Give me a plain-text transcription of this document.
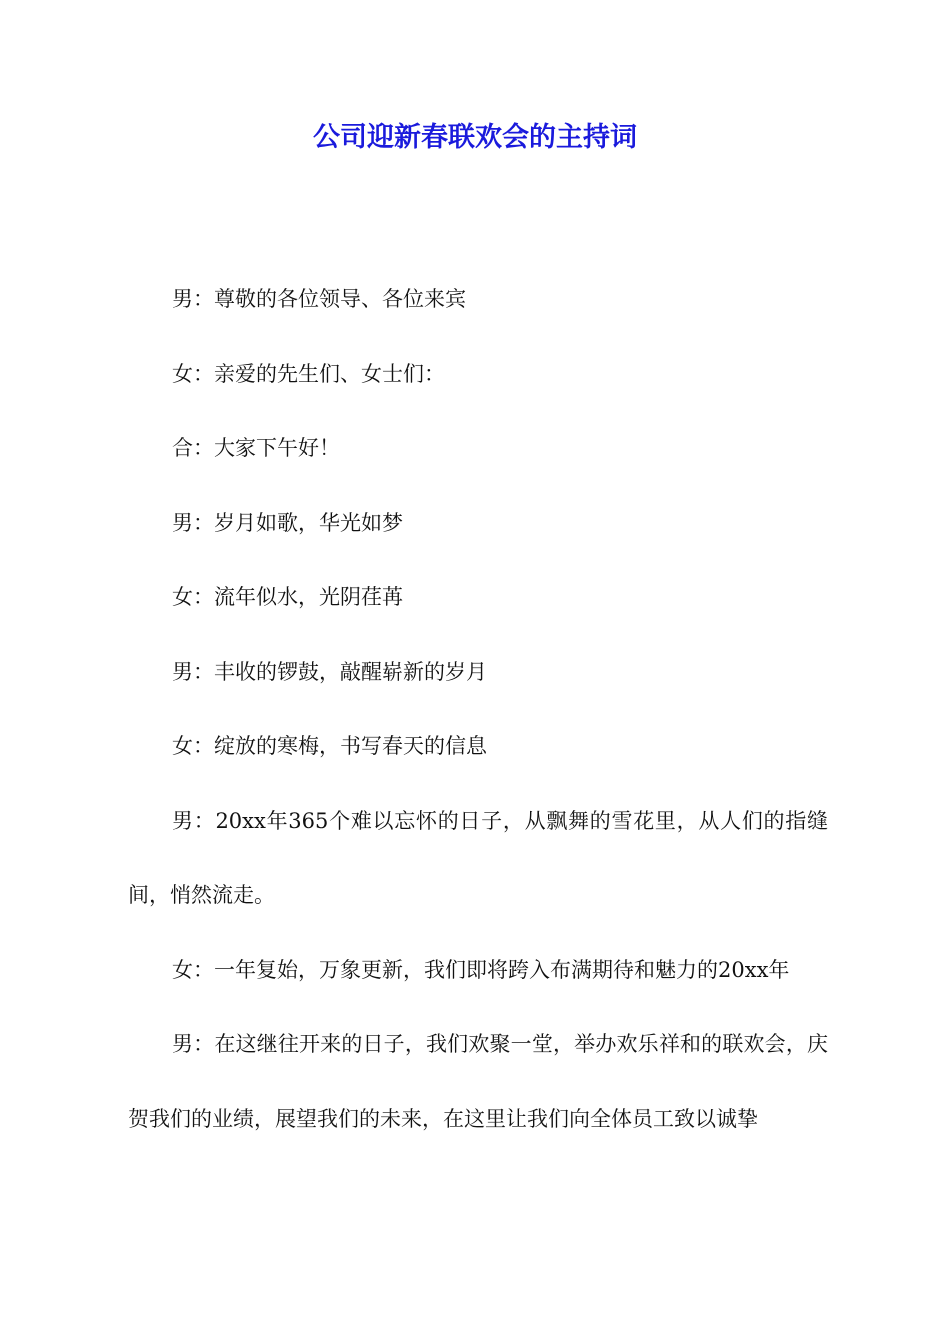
公司迎新春联欢会的主持词

男：尊敬的各位领导、各位来宾

女：亲爱的先生们、女士们：

合：大家下午好！

男：岁月如歌，华光如梦

女：流年似水，光阴荏苒

男：丰收的锣鼓，敲醒崭新的岁月

女：绽放的寒梅，书写春天的信息

男：20xx年365个难以忘怀的日子，从飘舞的雪花里，从人们的指缝间，悄然流走。

女：一年复始，万象更新，我们即将跨入布满期待和魅力的20xx年

男：在这继往开来的日子，我们欢聚一堂，举办欢乐祥和的联欢会，庆贺我们的业绩，展望我们的未来，在这里让我们向全体员工致以诚挚
